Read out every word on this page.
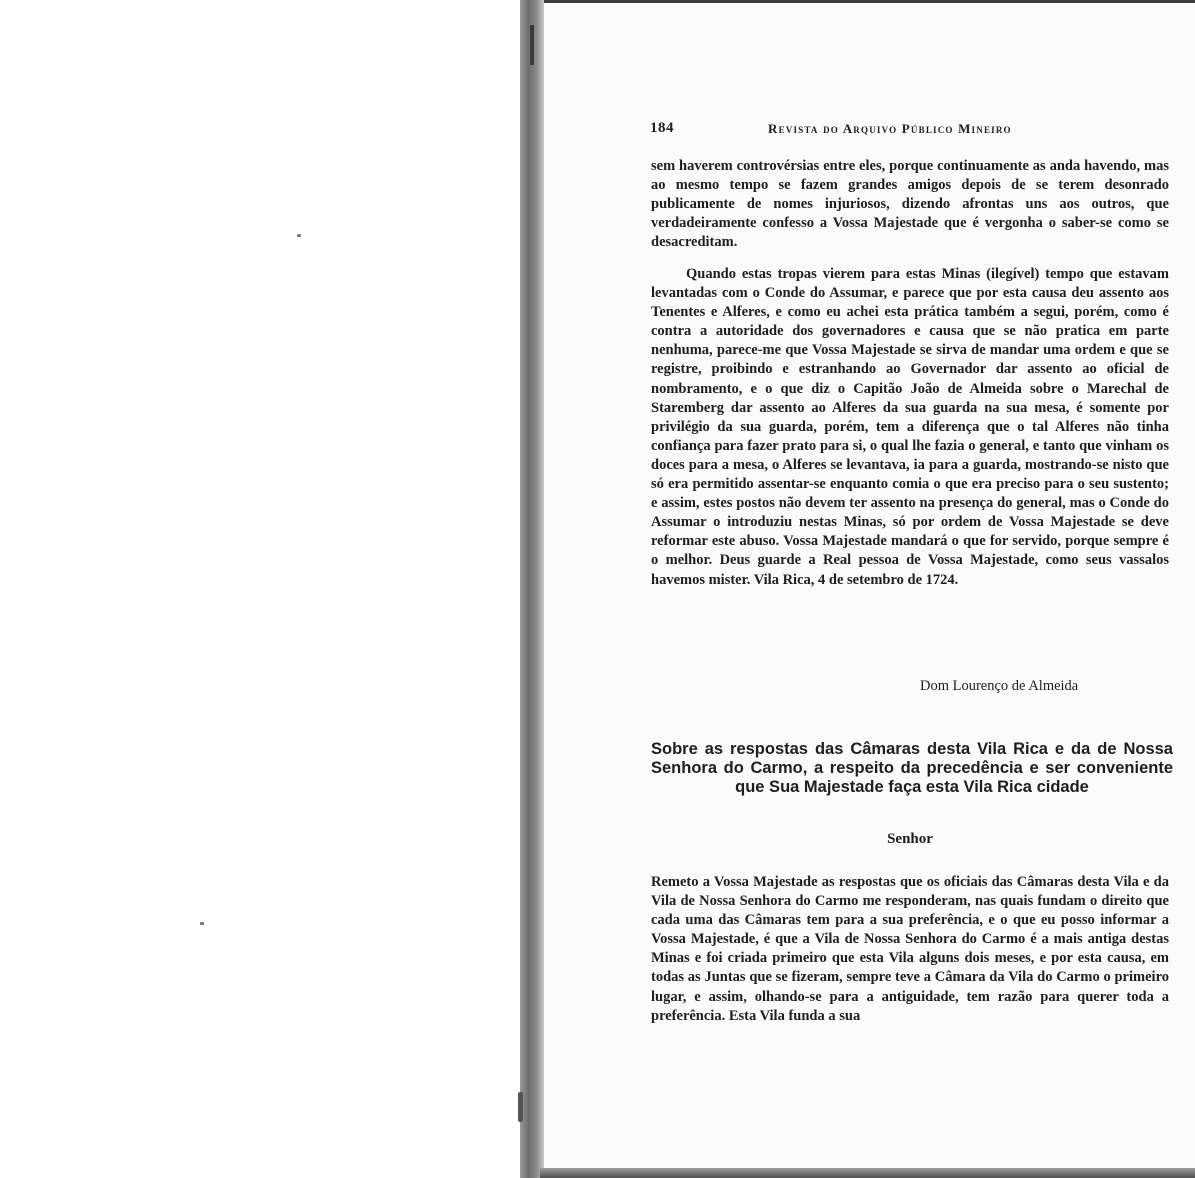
184	Revista do Arquivo Público Mineiro

sem haverem controvérsias entre eles, porque continuamente as anda havendo, mas ao mesmo tempo se fazem grandes amigos depois de se terem desonrado publicamente de nomes injuriosos, dizendo afrontas uns aos outros, que verdadeiramente confesso a Vossa Majestade que é vergonha o saber-se como se desacreditam.

Quando estas tropas vierem para estas Minas (ilegível) tempo que estavam levantadas com o Conde do Assumar, e parece que por esta causa deu assento aos Tenentes e Alferes, e como eu achei esta prática também a segui, porém, como é contra a autoridade dos governadores e causa que se não pratica em parte nenhuma, parece-me que Vossa Majestade se sirva de mandar uma ordem e que se registre, proibindo e estranhando ao Governador dar assento ao oficial de nombramento, e o que diz o Capitão João de Almeida sobre o Marechal de Staremberg dar assento ao Alferes da sua guarda na sua mesa, é somente por privilégio da sua guarda, porém, tem a diferença que o tal Alferes não tinha confiança para fazer prato para si, o qual lhe fazia o general, e tanto que vinham os doces para a mesa, o Alferes se levantava, ia para a guarda, mostrando-se nisto que só era permitido assentar-se enquanto comia o que era preciso para o seu sustento; e assim, estes postos não devem ter assento na presença do general, mas o Conde do Assumar o introduziu nestas Minas, só por ordem de Vossa Majestade se deve reformar este abuso. Vossa Majestade mandará o que for servido, porque sempre é o melhor. Deus guarde a Real pessoa de Vossa Majestade, como seus vassalos havemos mister. Vila Rica, 4 de setembro de 1724.

Dom Lourenço de Almeida
Sobre as respostas das Câmaras desta Vila Rica e da de Nossa Senhora do Carmo, a respeito da precedência e ser conveniente que Sua Majestade faça esta Vila Rica cidade
Senhor

Remeto a Vossa Majestade as respostas que os oficiais das Câmaras desta Vila e da Vila de Nossa Senhora do Carmo me responderam, nas quais fundam o direito que cada uma das Câmaras tem para a sua preferência, e o que eu posso informar a Vossa Majestade, é que a Vila de Nossa Senhora do Carmo é a mais antiga destas Minas e foi criada primeiro que esta Vila alguns dois meses, e por esta causa, em todas as Juntas que se fizeram, sempre teve a Câmara da Vila do Carmo o primeiro lugar, e assim, olhando-se para a antiguidade, tem razão para querer toda a preferência. Esta Vila funda a sua
